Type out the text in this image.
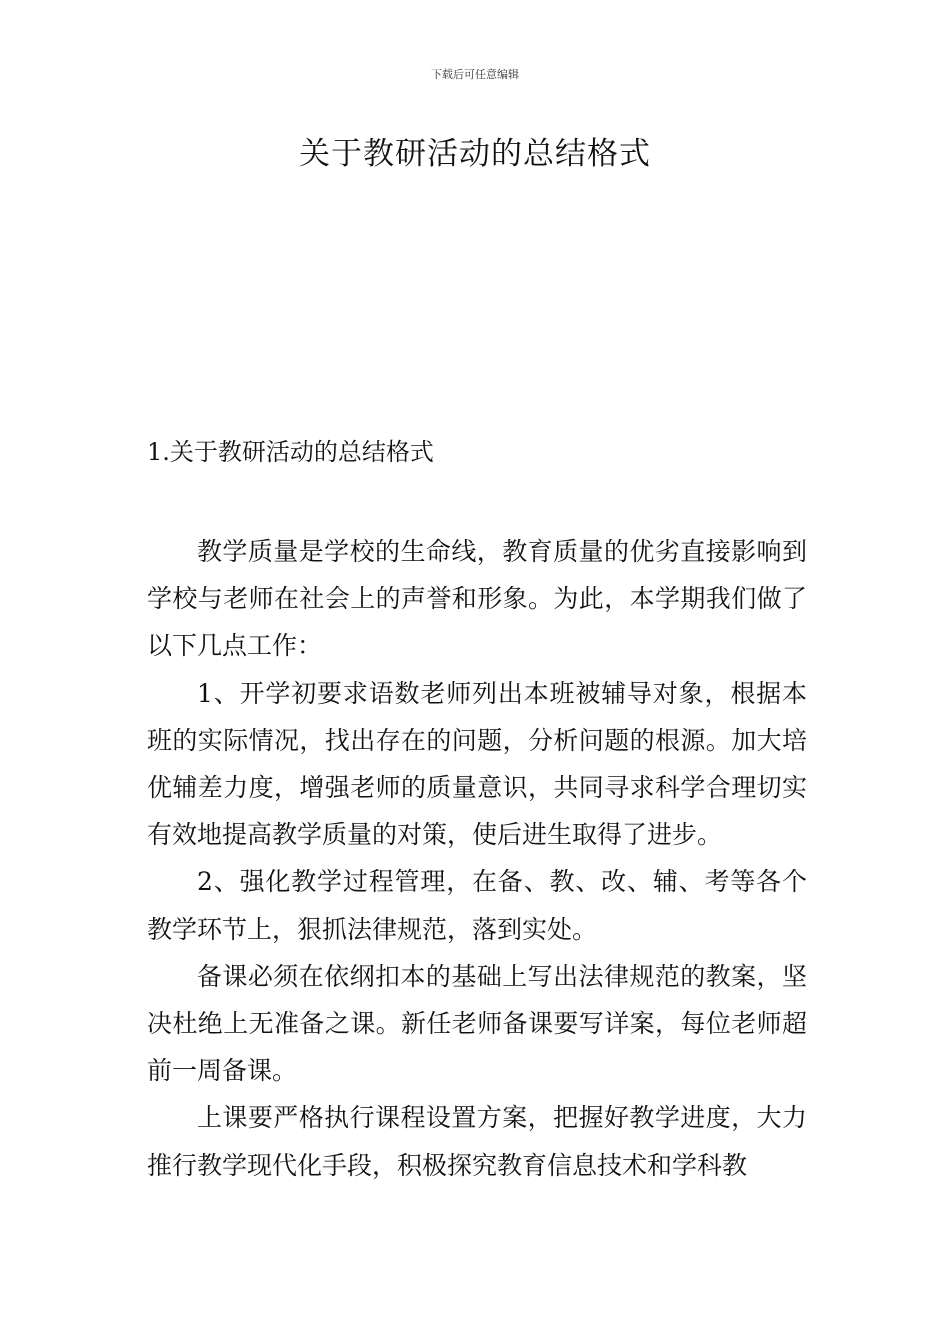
下载后可任意编辑
关于教研活动的总结格式
1.关于教研活动的总结格式

教学质量是学校的生命线，教育质量的优劣直接影响到学校与老师在社会上的声誉和形象。为此，本学期我们做了以下几点工作：

1、开学初要求语数老师列出本班被辅导对象，根据本班的实际情况，找出存在的问题，分析问题的根源。加大培优辅差力度，增强老师的质量意识，共同寻求科学合理切实有效地提高教学质量的对策，使后进生取得了进步。

2、强化教学过程管理，在备、教、改、辅、考等各个教学环节上，狠抓法律规范，落到实处。

备课必须在依纲扣本的基础上写出法律规范的教案，坚决杜绝上无准备之课。新任老师备课要写详案，每位老师超前一周备课。

上课要严格执行课程设置方案，把握好教学进度，大力推行教学现代化手段，积极探究教育信息技术和学科教
